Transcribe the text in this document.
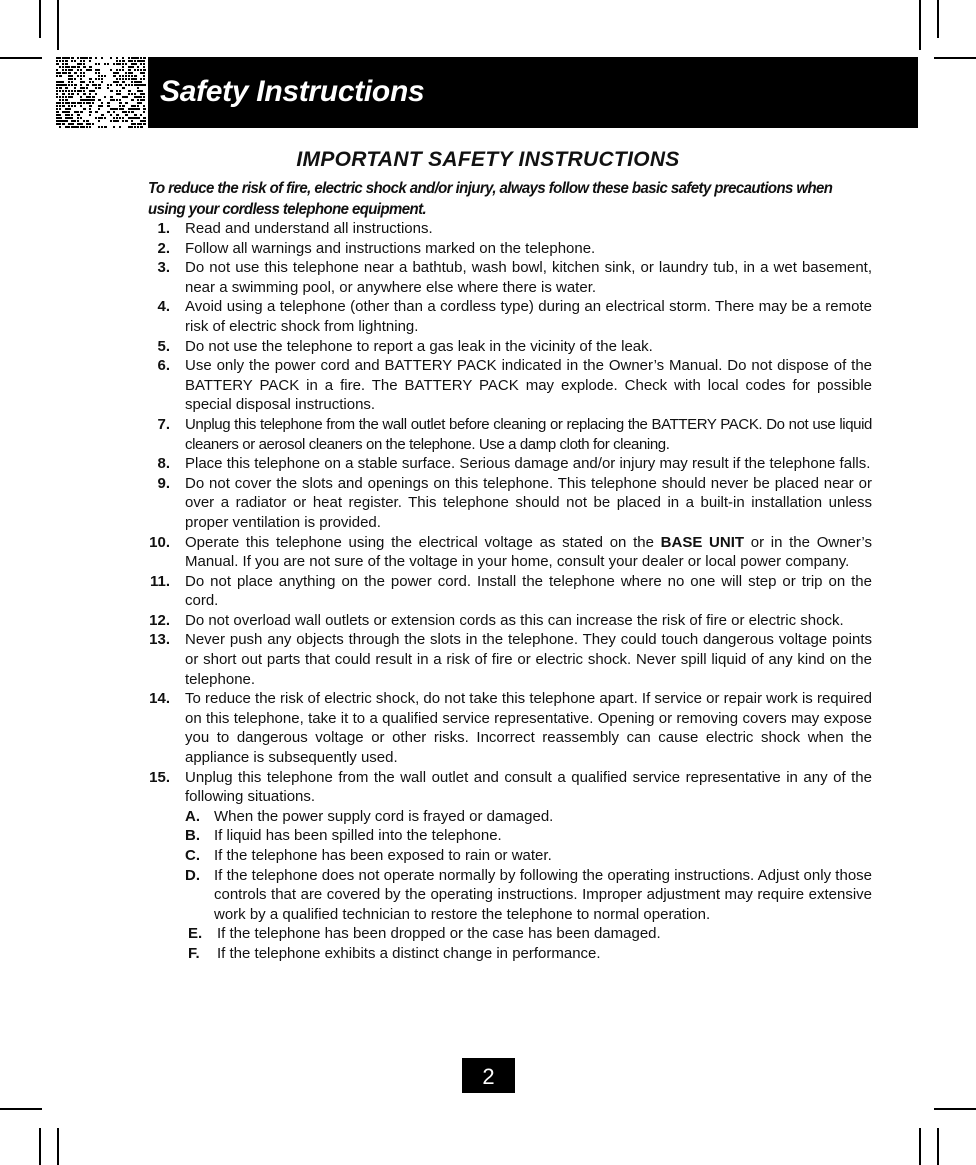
Safety Instructions
IMPORTANT SAFETY INSTRUCTIONS
To reduce the risk of fire, electric shock and/or injury, always follow these basic safety precautions when using your cordless telephone equipment.
1. Read and understand all instructions.
2. Follow all warnings and instructions marked on the telephone.
3. Do not use this telephone near a bathtub, wash bowl, kitchen sink, or laundry tub, in a wet basement, near a swimming pool, or anywhere else where there is water.
4. Avoid using a telephone (other than a cordless type) during an electrical storm. There may be a remote risk of electric shock from lightning.
5. Do not use the telephone to report a gas leak in the vicinity of the leak.
6. Use only the power cord and BATTERY PACK indicated in the Owner’s Manual. Do not dispose of the BATTERY PACK in a fire. The BATTERY PACK may explode. Check with local codes for possible special disposal instructions.
7. Unplug this telephone from the wall outlet before cleaning or replacing the BATTERY PACK. Do not use liquid cleaners or aerosol cleaners on the telephone. Use a damp cloth for cleaning.
8. Place this telephone on a stable surface. Serious damage and/or injury may result if the telephone falls.
9. Do not cover the slots and openings on this telephone. This telephone should never be placed near or over a radiator or heat register. This telephone should not be placed in a built-in installation unless proper ventilation is provided.
10. Operate this telephone using the electrical voltage as stated on the BASE UNIT or in the Owner’s Manual. If you are not sure of the voltage in your home, consult your dealer or local power company.
11. Do not place anything on the power cord. Install the telephone where no one will step or trip on the cord.
12. Do not overload wall outlets or extension cords as this can increase the risk of fire or electric shock.
13. Never push any objects through the slots in the telephone. They could touch dangerous voltage points or short out parts that could result in a risk of fire or electric shock. Never spill liquid of any kind on the telephone.
14. To reduce the risk of electric shock, do not take this telephone apart. If service or repair work is required on this telephone, take it to a qualified service representative. Opening or removing covers may expose you to dangerous voltage or other risks. Incorrect reassembly can cause electric shock when the appliance is subsequently used.
15. Unplug this telephone from the wall outlet and consult a qualified service representative in any of the following situations.
A. When the power supply cord is frayed or damaged.
B. If liquid has been spilled into the telephone.
C. If the telephone has been exposed to rain or water.
D. If the telephone does not operate normally by following the operating instructions. Adjust only those controls that are covered by the operating instructions. Improper adjustment may require extensive work by a qualified technician to restore the telephone to normal operation.
E. If the telephone has been dropped or the case has been damaged.
F. If the telephone exhibits a distinct change in performance.
2
